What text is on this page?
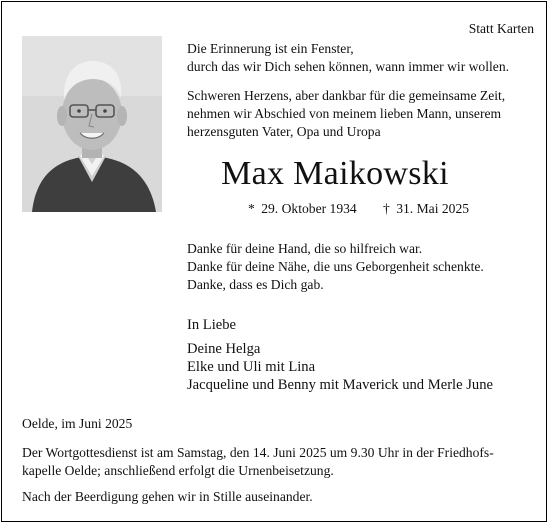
Statt Karten
Die Erinnerung ist ein Fenster,
durch das wir Dich sehen können, wann immer wir wollen.
Schweren Herzens, aber dankbar für die gemeinsame Zeit,
nehmen wir Abschied von meinem lieben Mann, unserem
herzensguten Vater, Opa und Uropa
Max Maikowski
* 29. Oktober 1934 † 31. Mai 2025
Danke für deine Hand, die so hilfreich war.
Danke für deine Nähe, die uns Geborgenheit schenkte.
Danke, dass es Dich gab.
In Liebe
Deine Helga
Elke und Uli mit Lina
Jacqueline und Benny mit Maverick und Merle June
Oelde, im Juni 2025
Der Wortgottesdienst ist am Samstag, den 14. Juni 2025 um 9.30 Uhr in der Friedhofs-
kapelle Oelde; anschließend erfolgt die Urnenbeisetzung.
Nach der Beerdigung gehen wir in Stille auseinander.
